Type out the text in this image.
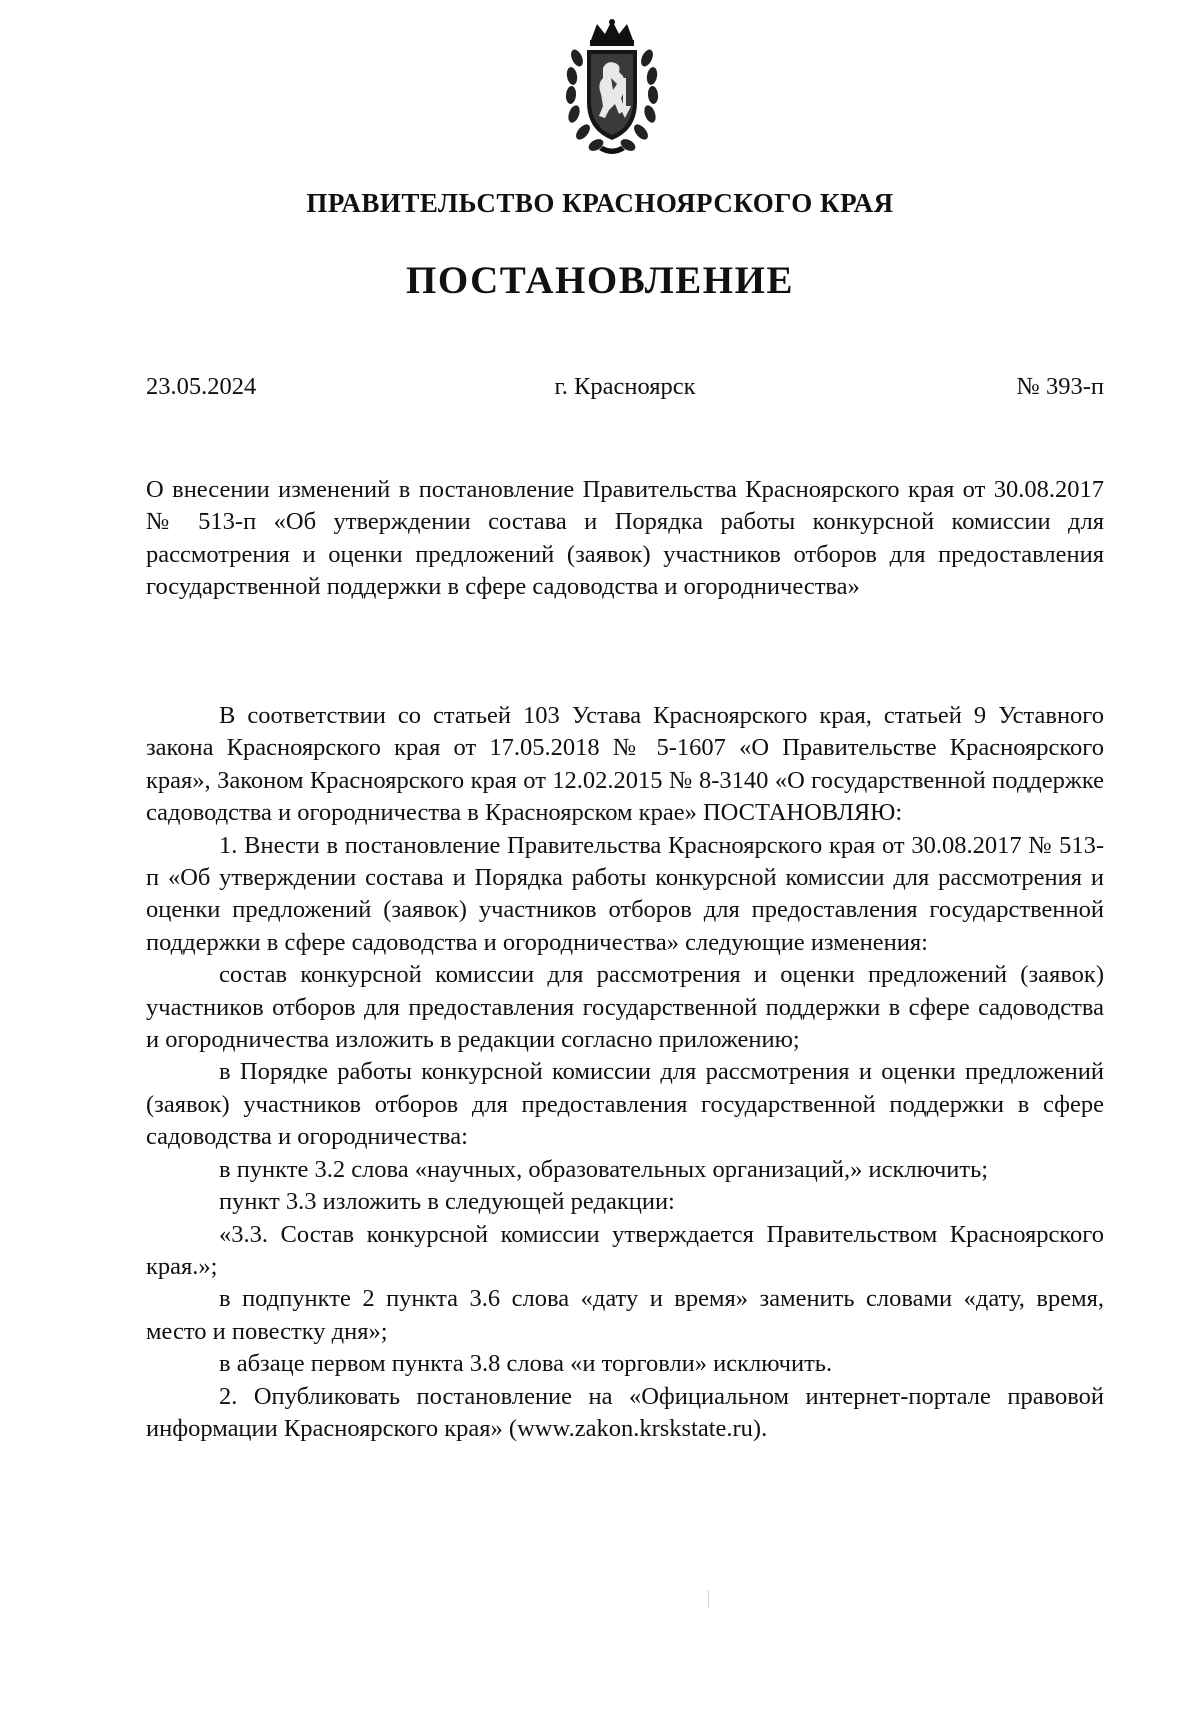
ПРАВИТЕЛЬСТВО КРАСНОЯРСКОГО КРАЯ
ПОСТАНОВЛЕНИЕ
г. Красноярск
23.05.2024	№ 393-п
О внесении изменений в постановление Правительства Красноярского края от 30.08.2017 № 513-п «Об утверждении состава и Порядка работы конкурсной комиссии для рассмотрения и оценки предложений (заявок) участников отборов для предоставления государственной поддержки в сфере садоводства и огородничества»

В соответствии со статьей 103 Устава Красноярского края, статьей 9 Уставного закона Красноярского края от 17.05.2018 № 5-1607 «О Правительстве Красноярского края», Законом Красноярского края от 12.02.2015 № 8-3140 «О государственной поддержке садоводства и огородничества в Красноярском крае» ПОСТАНОВЛЯЮ:

1. Внести в постановление Правительства Красноярского края от 30.08.2017 № 513-п «Об утверждении состава и Порядка работы конкурсной комиссии для рассмотрения и оценки предложений (заявок) участников отборов для предоставления государственной поддержки в сфере садоводства и огородничества» следующие изменения:

состав конкурсной комиссии для рассмотрения и оценки предложений (заявок) участников отборов для предоставления государственной поддержки в сфере садоводства и огородничества изложить в редакции согласно приложению;

в Порядке работы конкурсной комиссии для рассмотрения и оценки предложений (заявок) участников отборов для предоставления государственной поддержки в сфере садоводства и огородничества:

в пункте 3.2 слова «научных, образовательных организаций,» исключить;

пункт 3.3 изложить в следующей редакции:

«3.3. Состав конкурсной комиссии утверждается Правительством Красноярского края.»;

в подпункте 2 пункта 3.6 слова «дату и время» заменить словами «дату, время, место и повестку дня»;

в абзаце первом пункта 3.8 слова «и торговли» исключить.

2. Опубликовать постановление на «Официальном интернет-портале правовой информации Красноярского края» (www.zakon.krskstate.ru).
